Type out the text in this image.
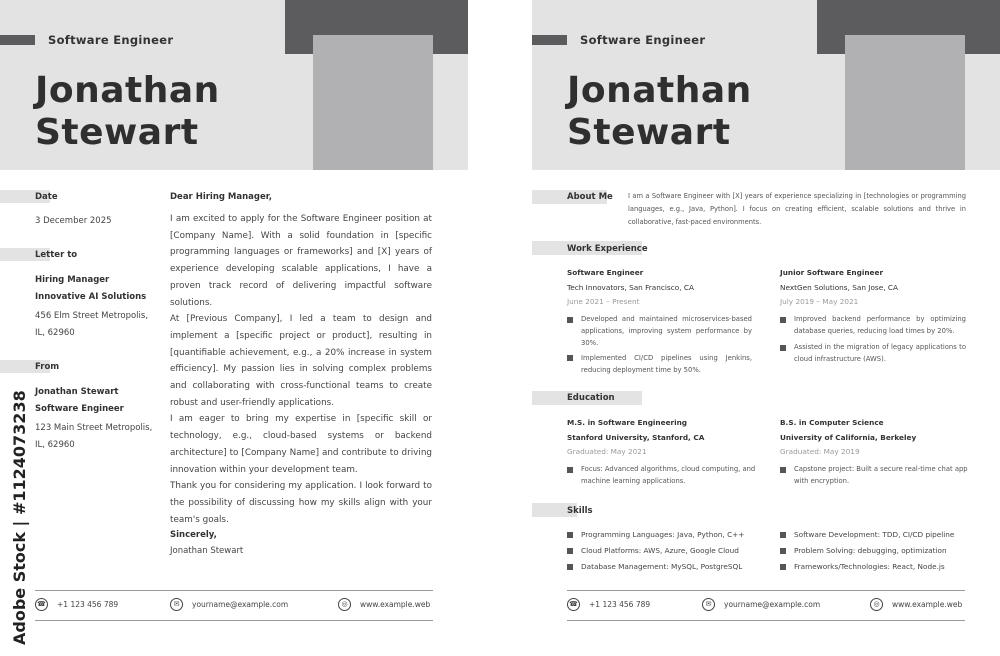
Software Engineer
Jonathan
Stewart
Date
3 December 2025
Letter to
Hiring Manager
Innovative AI Solutions
456 Elm Street Metropolis,
IL, 62960
From
Jonathan Stewart
Software Engineer
123 Main Street Metropolis,
IL, 62960
Dear Hiring Manager,

I am excited to apply for the Software Engineer position at [Company Name]. With a solid foundation in [specific programming languages or frameworks] and [X] years of experience developing scalable applications, I have a proven track record of delivering impactful software solutions.

At [Previous Company], I led a team to design and implement a [specific project or product], resulting in [quantifiable achievement, e.g., a 20% increase in system efficiency]. My passion lies in solving complex problems and collaborating with cross-functional teams to create robust and user-friendly applications.

I am eager to bring my expertise in [specific skill or technology, e.g., cloud-based systems or backend architecture] to [Company Name] and contribute to driving innovation within your development team.

Thank you for considering my application. I look forward to the possibility of discussing how my skills align with your team's goals.

Sincerely,
Jonathan Stewart
☎ +1 123 456 789	✉	yourname@example.com	◎	www.example.web
Software Engineer
Jonathan
Stewart
About Me I am a Software Engineer with [X] years of experience specializing in [technologies or programming languages, e.g., Java, Python]. I focus on creating efficient, scalable solutions and thrive in collaborative, fast-paced environments.
Work Experience
Software Engineer
Tech Innovators, San Francisco, CA
June 2021 – Present
Developed and maintained microservices-based applications, improving system performance by 30%.
Implemented CI/CD pipelines using Jenkins, reducing deployment time by 50%.
Junior Software Engineer
NextGen Solutions, San Jose, CA
July 2019 – May 2021
Improved backend performance by optimizing database queries, reducing load times by 20%.
Assisted in the migration of legacy applications to cloud infrastructure (AWS).
Education
M.S. in Software Engineering
Stanford University, Stanford, CA
Graduated: May 2021
Focus: Advanced algorithms, cloud computing, and machine learning applications.
B.S. in Computer Science
University of California, Berkeley
Graduated: May 2019
Capstone project: Built a secure real-time chat app with encryption.
Skills
Programming Languages: Java, Python, C++
Cloud Platforms: AWS, Azure, Google Cloud
Database Management: MySQL, PostgreSQL
Software Development: TDD, CI/CD pipeline
Problem Solving: debugging, optimization
Frameworks/Technologies: React, Node.js
☎ +1 123 456 789	✉	yourname@example.com	◎	www.example.web
Adobe Stock | #1124073238
